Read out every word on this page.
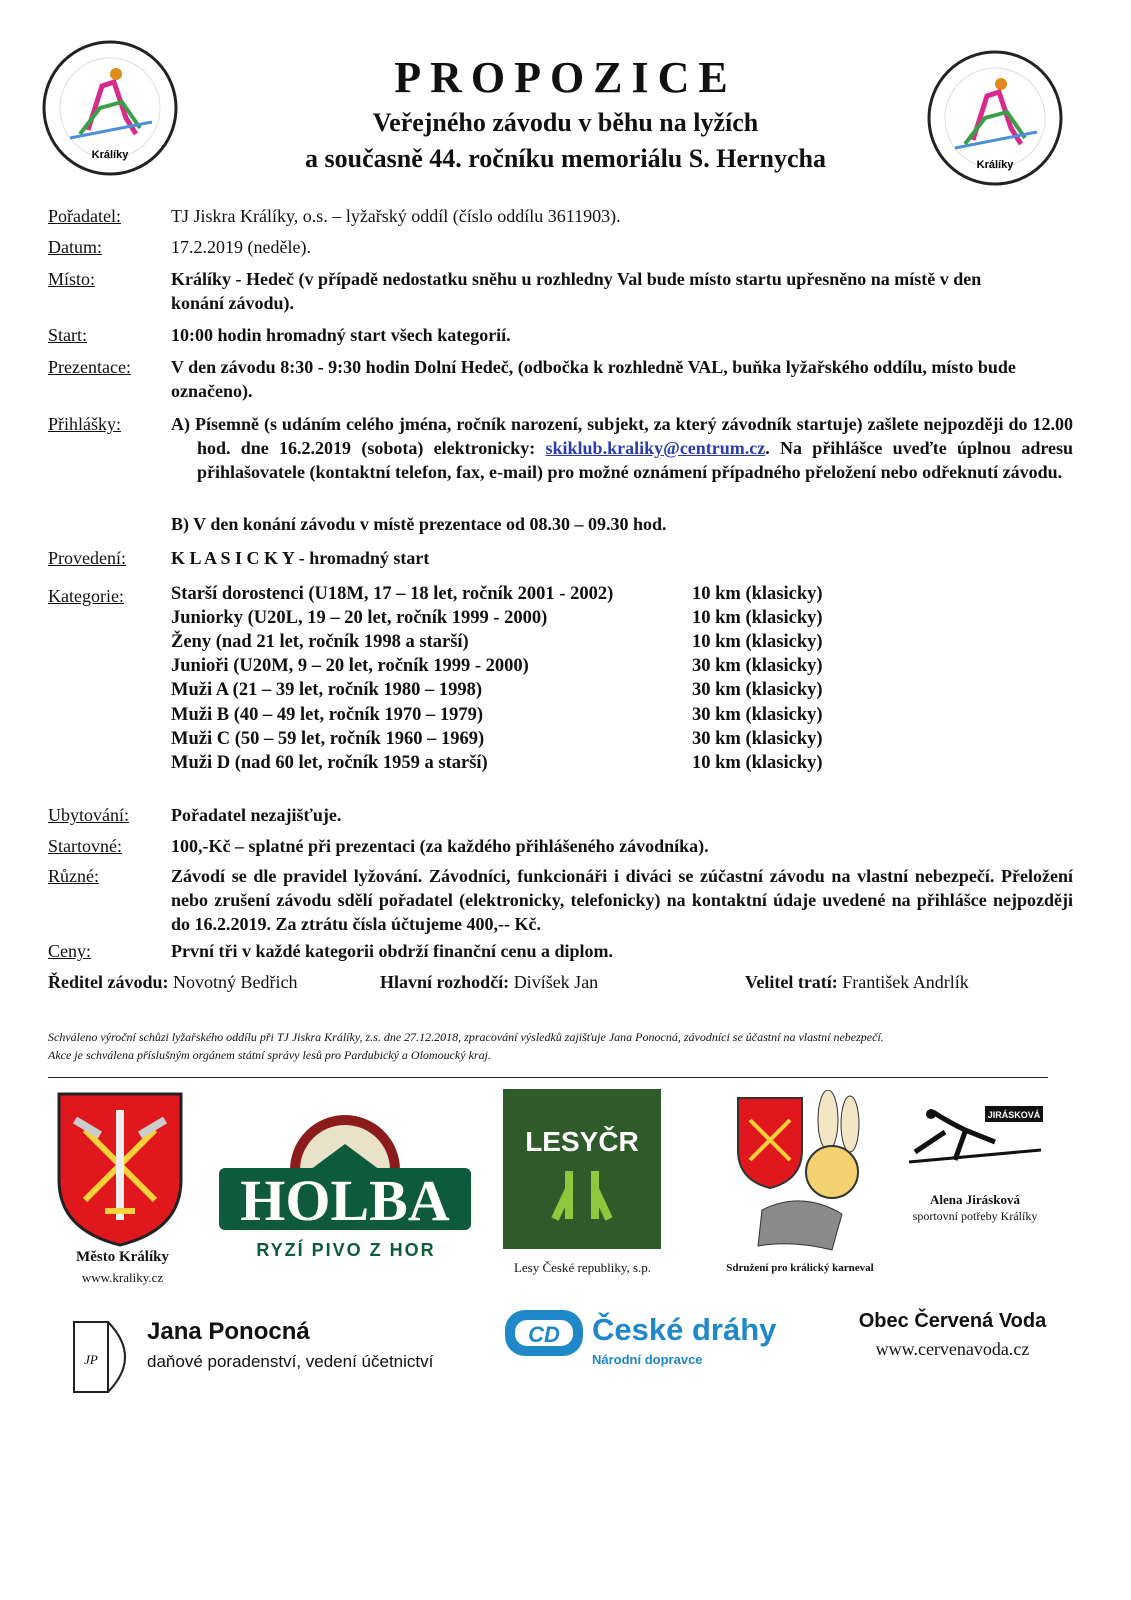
Králíky
Králíky
PROPOZICE
Veřejného závodu v běhu na lyžích
a současně 44. ročníku memoriálu S. Hernycha
Pořadatel:	TJ Jiskra Králíky, o.s. – lyžařský oddíl (číslo oddílu 3611903).
Datum:	17.2.2019 (neděle).
Místo:	Králíky - Hedeč (v případě nedostatku sněhu u rozhledny Val bude místo startu upřesněno na místě v den konání závodu).
Start:	10:00 hodin hromadný start všech kategorií.
Prezentace: V den závodu 8:30 - 9:30 hodin Dolní Hedeč, (odbočka k rozhledně VAL, buňka lyžařského oddílu, místo bude označeno).
Přihlášky:	A) Písemně (s udáním celého jména, ročník narození, subjekt, za který závodník startuje) zašlete nejpozději do 12.00 hod. dne 16.2.2019 (sobota) elektronicky: skiklub.kraliky@centrum.cz. Na přihlášce uveďte úplnou adresu přihlašovatele (kontaktní telefon, fax, e-mail) pro možné oznámení případného přeložení nebo odřeknutí závodu.
B) V den konání závodu v místě prezentace od 08.30 – 09.30 hod.
Provedení:	K L A S I C K Y - hromadný start
Kategorie:	Starší dorostenci (U18M, 17 – 18 let, ročník 2001 - 2002)	10 km (klasicky)
Juniorky (U20L, 19 – 20 let, ročník 1999 - 2000)	10 km (klasicky)
Ženy (nad 21 let, ročník 1998 a starší)	10 km (klasicky)
Junioři (U20M, 9 – 20 let, ročník 1999 - 2000)	30 km (klasicky)
Muži A (21 – 39 let, ročník 1980 – 1998)	30 km (klasicky)
Muži B (40 – 49 let, ročník 1970 – 1979)	30 km (klasicky)
Muži C (50 – 59 let, ročník 1960 – 1969)	30 km (klasicky)
Muži D (nad 60 let, ročník 1959 a starší)	10 km (klasicky)
Ubytování: Pořadatel nezajišťuje.
Startovné:	100,-Kč – splatné při prezentaci (za každého přihlášeného závodníka).
Různé:	Závodí se dle pravidel lyžování. Závodníci, funkcionáři i diváci se zúčastní závodu na vlastní nebezpečí. Přeložení nebo zrušení závodu sdělí pořadatel (elektronicky, telefonicky) na kontaktní údaje uvedené na přihlášce nejpozději do 16.2.2019. Za ztrátu čísla účtujeme 400,-- Kč.
Ceny:	První tři v každé kategorii obdrží finanční cenu a diplom.
Ředitel závodu: Novotný Bedřich	Hlavní rozhodčí: Divíšek Jan	Velitel tratí: František Andrlík
Schváleno výroční schůzi lyžařského oddílu při TJ Jiskra Králíky, z.s. dne 27.12.2018, zpracování výsledků zajišťuje Jana Ponocná, závodníci se účastní na vlastní nebezpečí.
Akce je schválena příslušným orgánem státní správy lesů pro Pardubický a Olomoucký kraj.
Město Králíky
www.kraliky.cz
HOLBA ®
RYZÍ PIVO Z HOR
LESYČR
Lesy České republiky, s.p.	Sdružení pro králický karneval
JIRÁSKOVÁ
Alena Jirásková
sportovní potřeby Králíky
JP
Jana Ponocná
daňové poradenství, vedení účetnictví
CD České dráhy
Národní dopravce
Obec Červená Voda
www.cervenavoda.cz
